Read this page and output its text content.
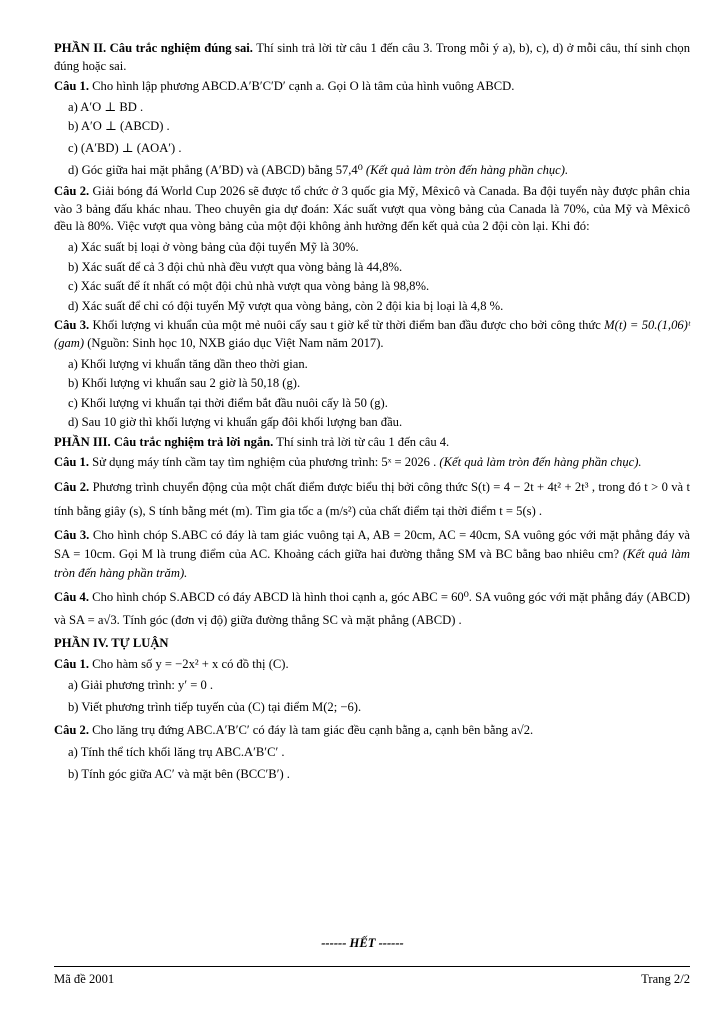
PHẦN II. Câu trắc nghiệm đúng sai. Thí sinh trả lời từ câu 1 đến câu 3. Trong mỗi ý a), b), c), d) ở mỗi câu, thí sinh chọn đúng hoặc sai.

Câu 1. Cho hình lập phương ABCD.A′B′C′D′ cạnh a. Gọi O là tâm của hình vuông ABCD.

a) A′O ⊥ BD .
b) A′O ⊥ (ABCD) .
c) (A′BD) ⊥ (AOA′) .
d) Góc giữa hai mặt phẳng (A′BD) và (ABCD) bằng 57,4⁰ (Kết quả làm tròn đến hàng phần chục).

Câu 2. Giải bóng đá World Cup 2026 sẽ được tổ chức ở 3 quốc gia Mỹ, Mêxicô và Canada. Ba đội tuyển này được phân chia vào 3 bảng đấu khác nhau. Theo chuyên gia dự đoán: Xác suất vượt qua vòng bảng của Canada là 70%, của Mỹ và Mêxicô đều là 80%. Việc vượt qua vòng bảng của một đội không ảnh hưởng đến kết quả của 2 đội còn lại. Khi đó:

a) Xác suất bị loại ở vòng bảng của đội tuyển Mỹ là 30%.
b) Xác suất để cả 3 đội chủ nhà đều vượt qua vòng bảng là 44,8%.
c) Xác suất để ít nhất có một đội chủ nhà vượt qua vòng bảng là 98,8%.
d) Xác suất để chỉ có đội tuyển Mỹ vượt qua vòng bảng, còn 2 đội kia bị loại là 4,8 %.

Câu 3. Khối lượng vi khuẩn của một mẻ nuôi cấy sau t giờ kể từ thời điểm ban đầu được cho bởi công thức M(t) = 50.(1,06)ᵗ (gam) (Nguồn: Sinh học 10, NXB giáo dục Việt Nam năm 2017).

a) Khối lượng vi khuẩn tăng dần theo thời gian.
b) Khối lượng vi khuẩn sau 2 giờ là 50,18 (g).
c) Khối lượng vi khuẩn tại thời điểm bắt đầu nuôi cấy là 50 (g).
d) Sau 10 giờ thì khối lượng vi khuẩn gấp đôi khối lượng ban đầu.

PHẦN III. Câu trắc nghiệm trả lời ngắn. Thí sinh trả lời từ câu 1 đến câu 4.

Câu 1. Sử dụng máy tính cầm tay tìm nghiệm của phương trình: 5ˣ = 2026 . (Kết quả làm tròn đến hàng phần chục).

Câu 2. Phương trình chuyển động của một chất điểm được biểu thị bởi công thức S(t) = 4 − 2t + 4t² + 2t³ , trong đó t > 0 và t tính bằng giây (s), S tính bằng mét (m). Tìm gia tốc a (m/s²) của chất điểm tại thời điểm t = 5(s) .

Câu 3. Cho hình chóp S.ABC có đáy là tam giác vuông tại A, AB = 20cm, AC = 40cm, SA vuông góc với mặt phẳng đáy và SA = 10cm. Gọi M là trung điểm của AC. Khoảng cách giữa hai đường thẳng SM và BC bằng bao nhiêu cm? (Kết quả làm tròn đến hàng phần trăm).

Câu 4. Cho hình chóp S.ABCD có đáy ABCD là hình thoi cạnh a, góc ABC = 60⁰. SA vuông góc với mặt phẳng đáy (ABCD) và SA = a√3. Tính góc (đơn vị độ) giữa đường thẳng SC và mặt phẳng (ABCD) .

PHẦN IV. TỰ LUẬN

Câu 1. Cho hàm số y = −2x² + x có đồ thị (C).

a) Giải phương trình: y′ = 0 .
b) Viết phương trình tiếp tuyến của (C) tại điểm M(2; −6).

Câu 2. Cho lăng trụ đứng ABC.A′B′C′ có đáy là tam giác đều cạnh bằng a, cạnh bên bằng a√2.

a) Tính thể tích khối lăng trụ ABC.A′B′C′ .
b) Tính góc giữa AC′ và mặt bên (BCC′B′) .
------ HẾT ------
Mã đề 2001	Trang 2/2
